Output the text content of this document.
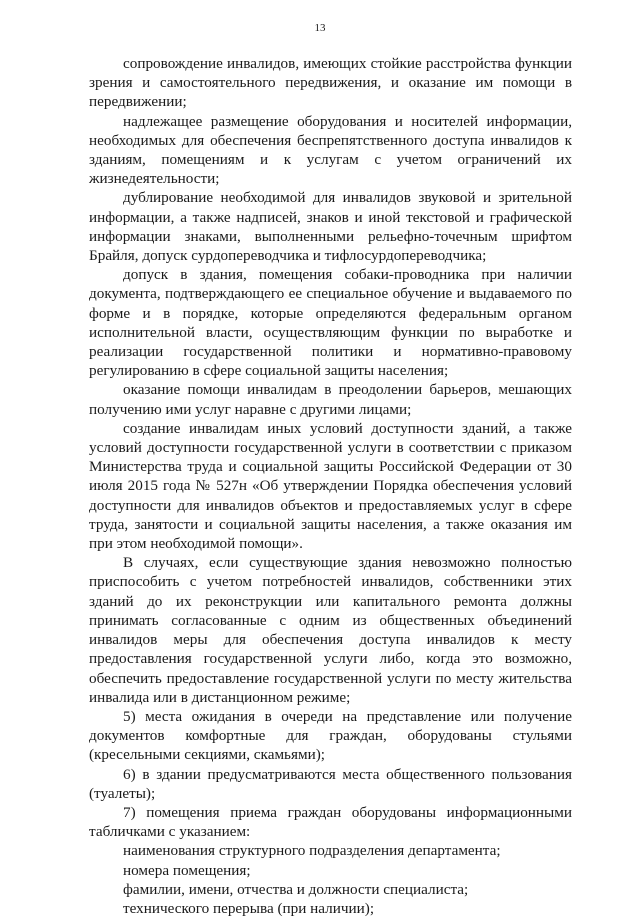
13

сопровождение инвалидов, имеющих стойкие расстройства функции зрения и самостоятельного передвижения, и оказание им помощи в передвижении;

надлежащее размещение оборудования и носителей информации, необходимых для обеспечения беспрепятственного доступа инвалидов к зданиям, помещениям и к услугам с учетом ограничений их жизнедеятельности;

дублирование необходимой для инвалидов звуковой и зрительной информации, а также надписей, знаков и иной текстовой и графической информации знаками, выполненными рельефно-точечным шрифтом Брайля, допуск сурдопереводчика и тифлосурдопереводчика;

допуск в здания, помещения собаки-проводника при наличии документа, подтверждающего ее специальное обучение и выдаваемого по форме и в порядке, которые определяются федеральным органом исполнительной власти, осуществляющим функции по выработке и реализации государственной политики и нормативно-правовому регулированию в сфере социальной защиты населения;

оказание помощи инвалидам в преодолении барьеров, мешающих получению ими услуг наравне с другими лицами;

создание инвалидам иных условий доступности зданий, а также условий доступности государственной услуги в соответствии с приказом Министерства труда и социальной защиты Российской Федерации от 30 июля 2015 года № 527н «Об утверждении Порядка обеспечения условий доступности для инвалидов объектов и предоставляемых услуг в сфере труда, занятости и социальной защиты населения, а также оказания им при этом необходимой помощи».

В случаях, если существующие здания невозможно полностью приспособить с учетом потребностей инвалидов, собственники этих зданий до их реконструкции или капитального ремонта должны принимать согласованные с одним из общественных объединений инвалидов меры для обеспечения доступа инвалидов к месту предоставления государственной услуги либо, когда это возможно, обеспечить предоставление государственной услуги по месту жительства инвалида или в дистанционном режиме;

5) места ожидания в очереди на представление или получение документов комфортные для граждан, оборудованы стульями (кресельными секциями, скамьями);

6) в здании предусматриваются места общественного пользования (туалеты);

7) помещения приема граждан оборудованы информационными табличками с указанием:

наименования структурного подразделения департамента;

номера помещения;

фамилии, имени, отчества и должности специалиста;

технического перерыва (при наличии);
